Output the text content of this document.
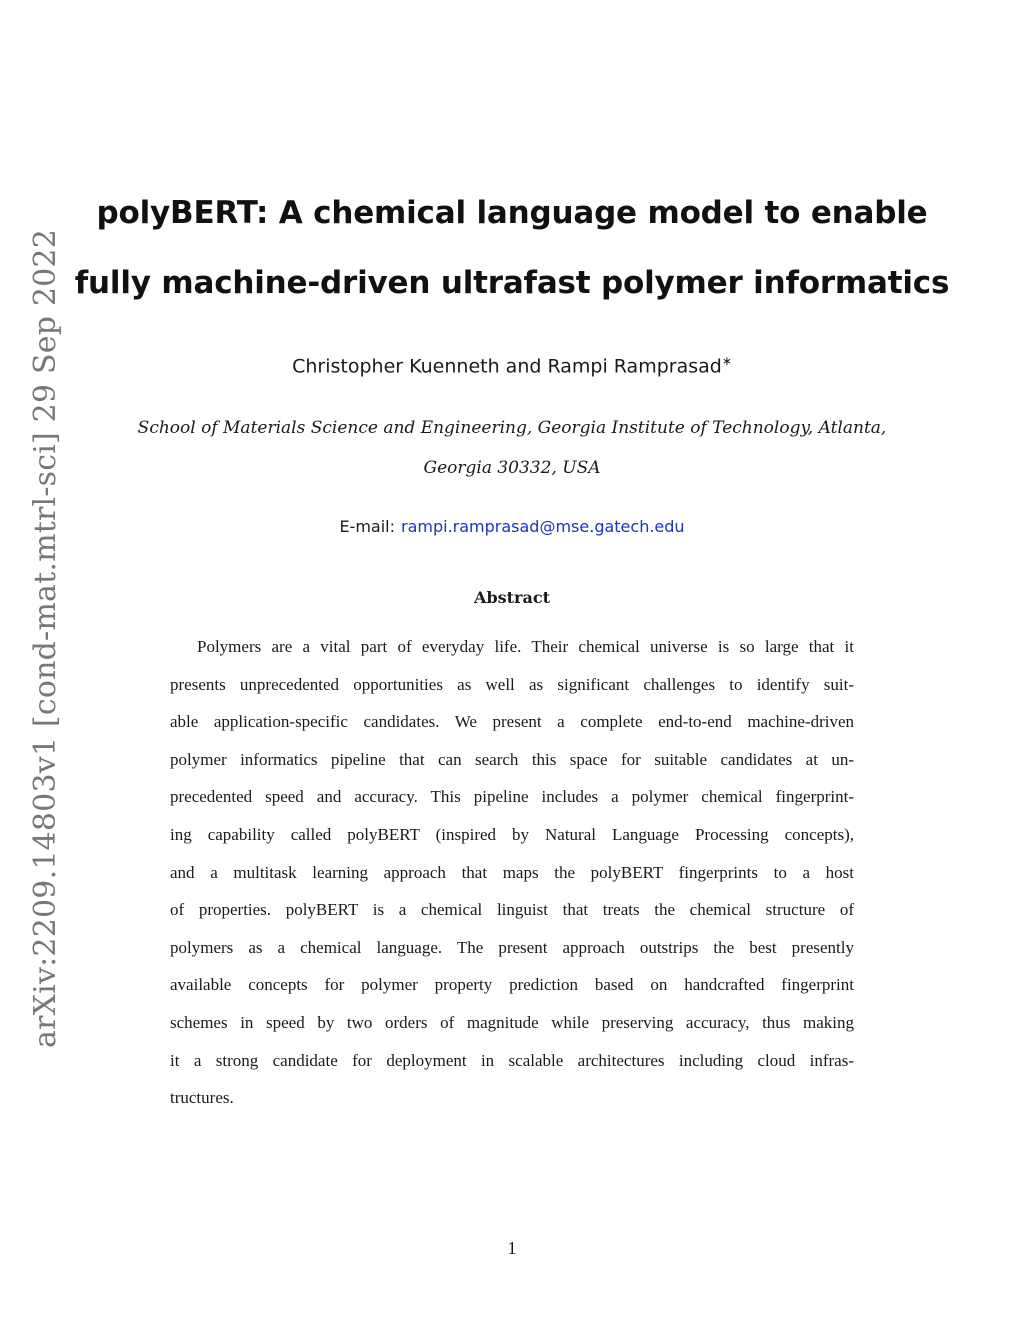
arXiv:2209.14803v1 [cond-mat.mtrl-sci] 29 Sep 2022
polyBERT: A chemical language model to enable
fully machine-driven ultrafast polymer informatics
Christopher Kuenneth and Rampi Ramprasad∗
School of Materials Science and Engineering, Georgia Institute of Technology, Atlanta,
Georgia 30332, USA
E-mail: rampi.ramprasad@mse.gatech.edu
Abstract
Polymers are a vital part of everyday life. Their chemical universe is so large that it
presents unprecedented opportunities as well as significant challenges to identify suit-
able application-specific candidates. We present a complete end-to-end machine-driven
polymer informatics pipeline that can search this space for suitable candidates at un-
precedented speed and accuracy. This pipeline includes a polymer chemical fingerprint-
ing capability called polyBERT (inspired by Natural Language Processing concepts),
and a multitask learning approach that maps the polyBERT fingerprints to a host
of properties. polyBERT is a chemical linguist that treats the chemical structure of
polymers as a chemical language. The present approach outstrips the best presently
available concepts for polymer property prediction based on handcrafted fingerprint
schemes in speed by two orders of magnitude while preserving accuracy, thus making
it a strong candidate for deployment in scalable architectures including cloud infras-
tructures.
1
